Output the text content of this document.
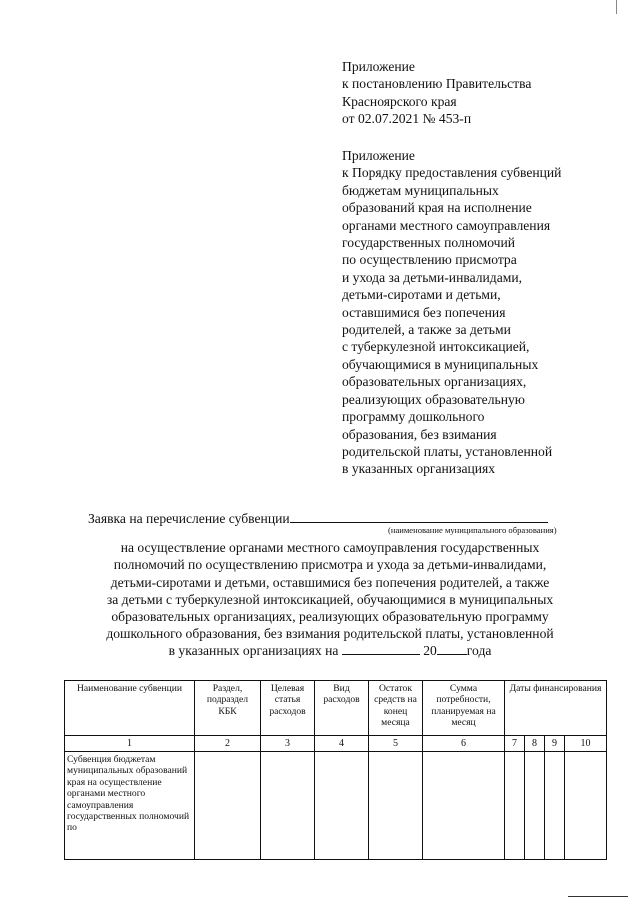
Приложение
к постановлению Правительства
Красноярского края
от 02.07.2021 № 453-п
Приложение
к Порядку предоставления субвенций
бюджетам муниципальных
образований края на исполнение
органами местного самоуправления
государственных полномочий
по осуществлению присмотра
и ухода за детьми-инвалидами,
детьми-сиротами и детьми,
оставшимися без попечения
родителей, а также за детьми
с туберкулезной интоксикацией,
обучающимися в муниципальных
образовательных организациях,
реализующих образовательную
программу дошкольного
образования, без взимания
родительской платы, установленной
в указанных организациях
Заявка на перечисление субвенции
(наименование муниципального образования)
на осуществление органами местного самоуправления государственных
полномочий по осуществлению присмотра и ухода за детьми-инвалидами,
детьми-сиротами и детьми, оставшимися без попечения родителей, а также
за детьми с туберкулезной интоксикацией, обучающимися в муниципальных
образовательных организациях, реализующих образовательную программу
дошкольного образования, без взимания родительской платы, установленной
в указанных организациях на	20 года
Наименование субвенции	Раздел, подраздел КБК	Целевая статья расходов	Вид расходов	Остаток средств на конец месяца	Сумма потребности, планируемая на месяц	Даты финансирования			
1	2	3	4	5	6	7	8	9	10
Субвенция бюджетам муниципальных образований края на осуществление органами местного самоуправления государственных полномочий по									
